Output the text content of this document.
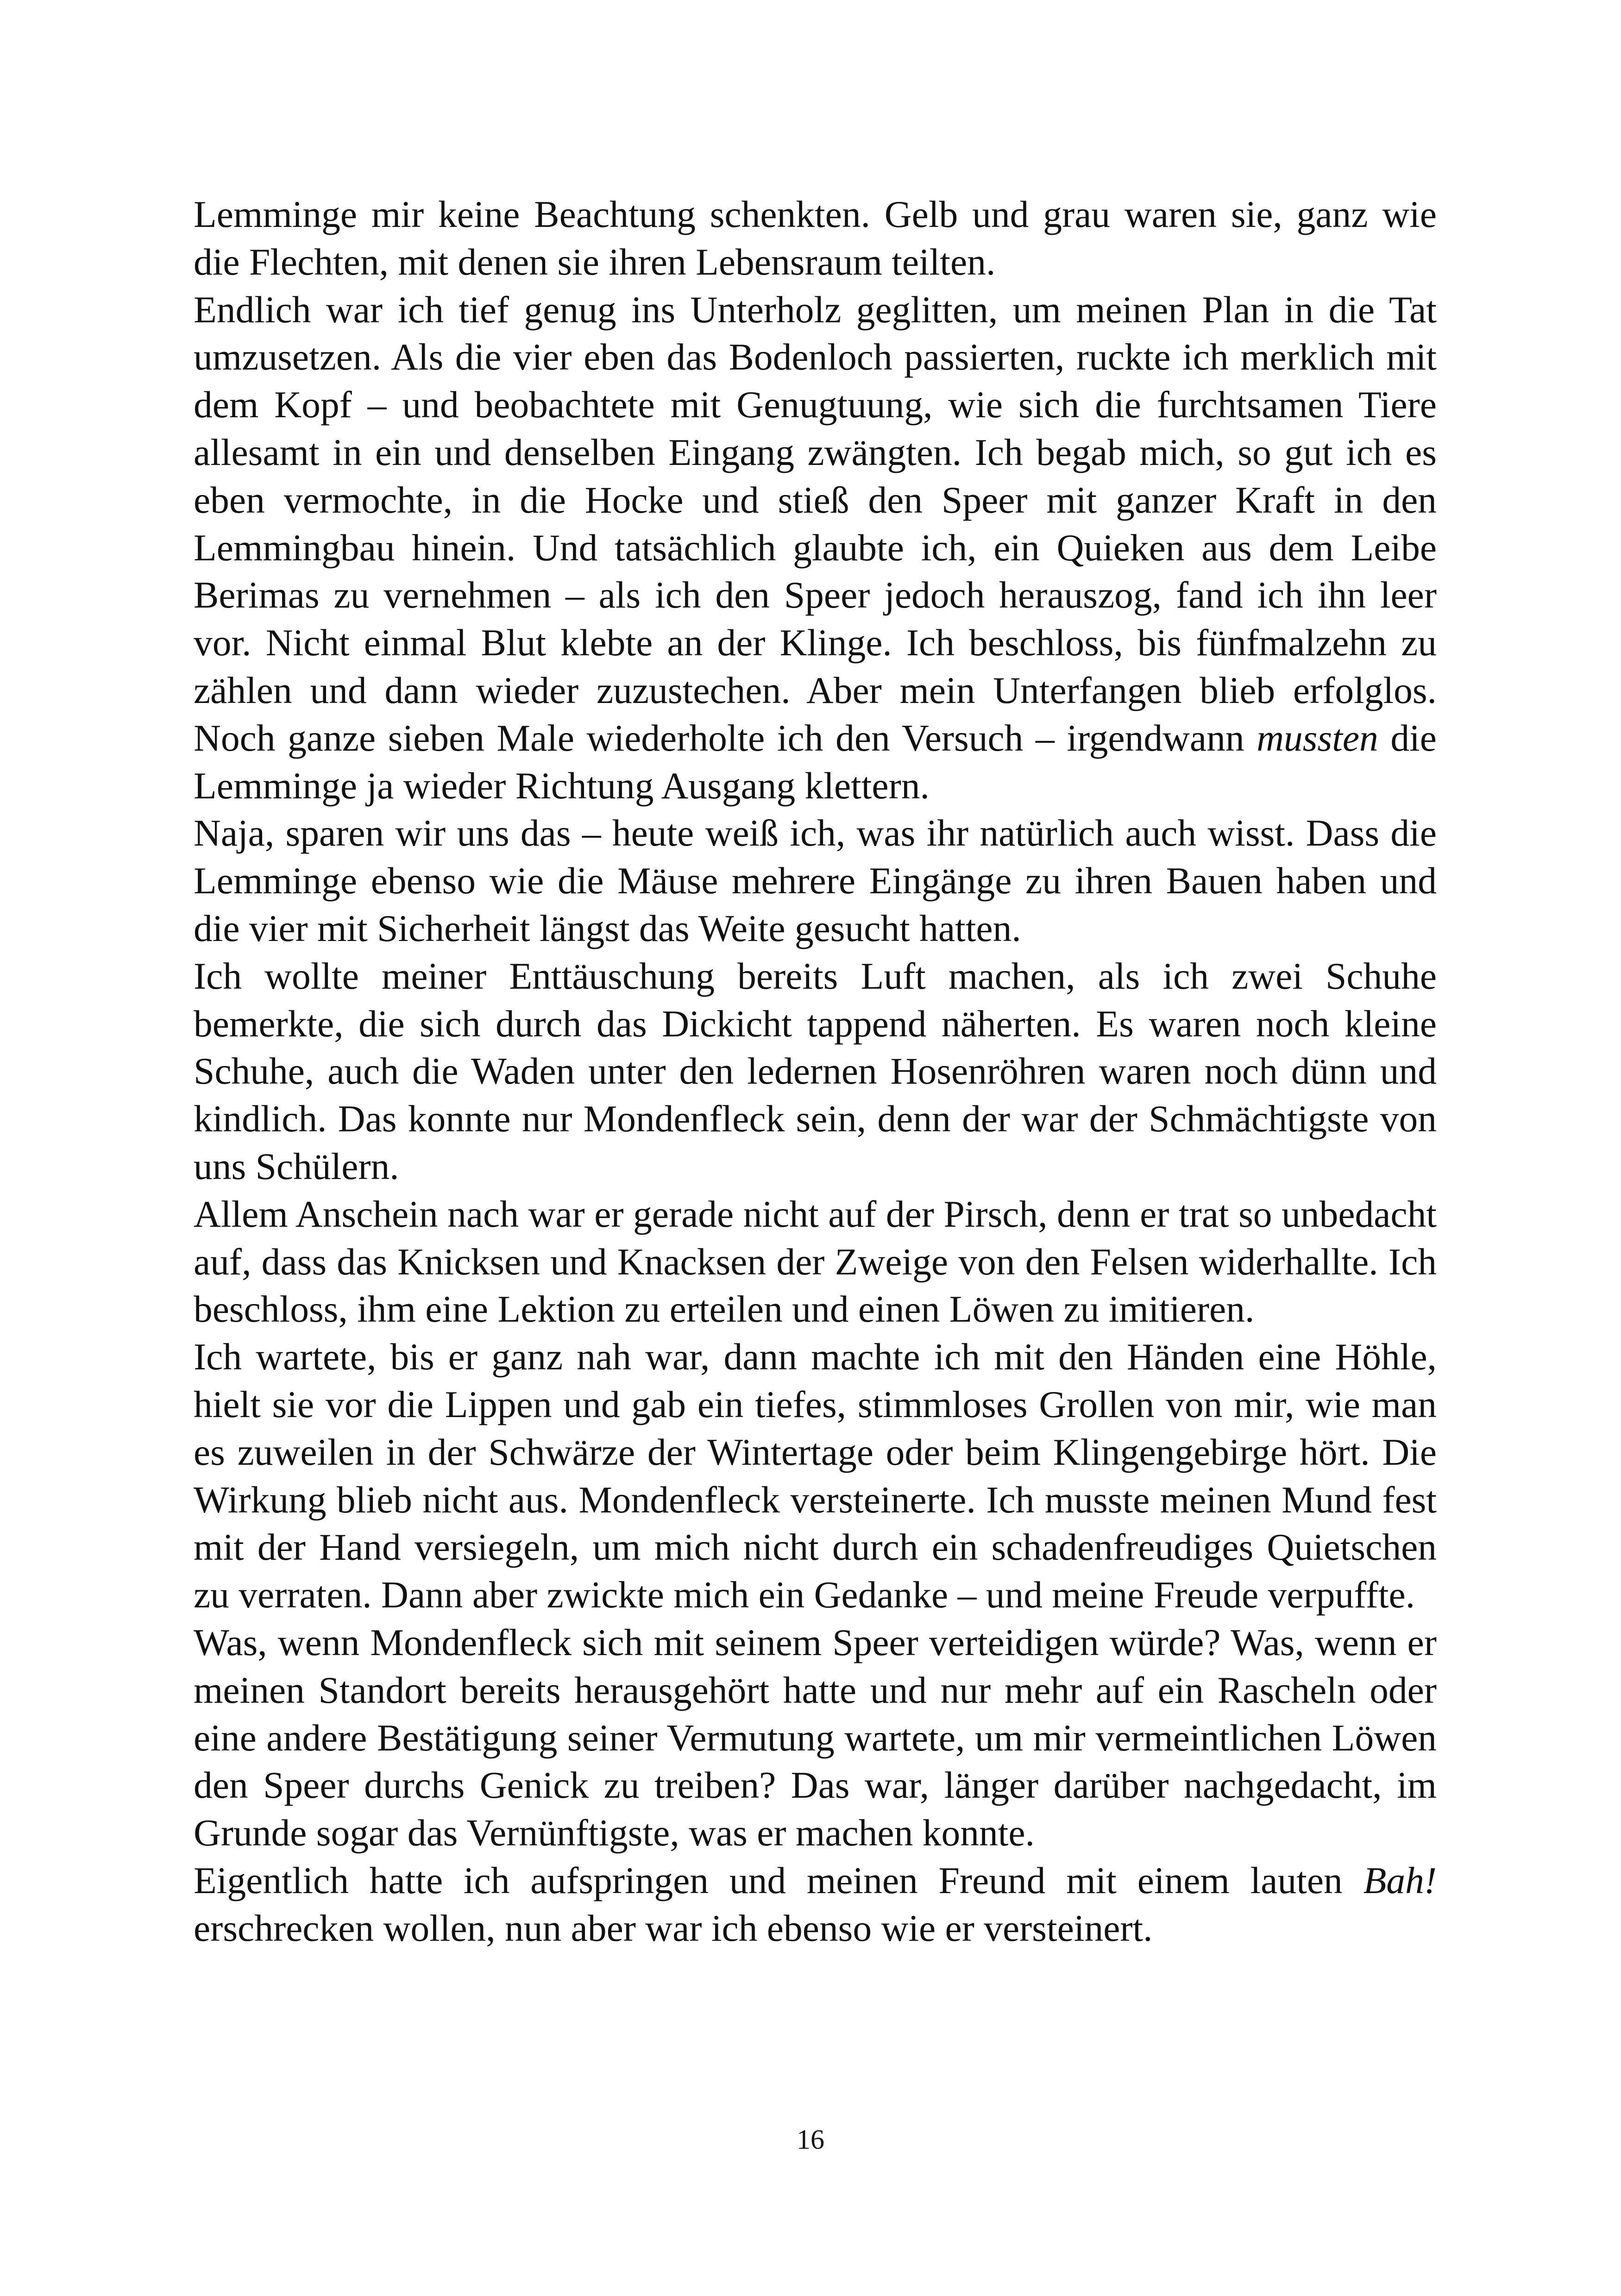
Lemminge mir keine Beachtung schenkten. Gelb und grau waren sie, ganz wie die Flechten, mit denen sie ihren Lebensraum teilten.

Endlich war ich tief genug ins Unterholz geglitten, um meinen Plan in die Tat umzusetzen. Als die vier eben das Bodenloch passierten, ruckte ich merklich mit dem Kopf – und beobachtete mit Genugtuung, wie sich die furchtsamen Tiere allesamt in ein und denselben Eingang zwängten. Ich begab mich, so gut ich es eben vermochte, in die Hocke und stieß den Speer mit ganzer Kraft in den Lemmingbau hinein. Und tatsächlich glaubte ich, ein Quieken aus dem Leibe Berimas zu vernehmen – als ich den Speer jedoch herauszog, fand ich ihn leer vor. Nicht einmal Blut klebte an der Klinge. Ich beschloss, bis fünfmalzehn zu zählen und dann wieder zuzustechen. Aber mein Unterfangen blieb erfolglos. Noch ganze sieben Male wiederholte ich den Versuch – irgendwann mussten die Lemminge ja wieder Richtung Ausgang klettern.

Naja, sparen wir uns das – heute weiß ich, was ihr natürlich auch wisst. Dass die Lemminge ebenso wie die Mäuse mehrere Eingänge zu ihren Bauen haben und die vier mit Sicherheit längst das Weite gesucht hatten.

Ich wollte meiner Enttäuschung bereits Luft machen, als ich zwei Schuhe bemerkte, die sich durch das Dickicht tappend näherten. Es waren noch kleine Schuhe, auch die Waden unter den ledernen Hosenröhren waren noch dünn und kindlich. Das konnte nur Mondenfleck sein, denn der war der Schmächtigste von uns Schülern.

Allem Anschein nach war er gerade nicht auf der Pirsch, denn er trat so unbedacht auf, dass das Knicksen und Knacksen der Zweige von den Felsen widerhallte. Ich beschloss, ihm eine Lektion zu erteilen und einen Löwen zu imitieren.

Ich wartete, bis er ganz nah war, dann machte ich mit den Händen eine Höhle, hielt sie vor die Lippen und gab ein tiefes, stimmloses Grollen von mir, wie man es zuweilen in der Schwärze der Wintertage oder beim Klingengebirge hört. Die Wirkung blieb nicht aus. Mondenfleck versteinerte. Ich musste meinen Mund fest mit der Hand versiegeln, um mich nicht durch ein schadenfreudiges Quietschen zu verraten. Dann aber zwickte mich ein Gedanke – und meine Freude verpuffte.

Was, wenn Mondenfleck sich mit seinem Speer verteidigen würde? Was, wenn er meinen Standort bereits herausgehört hatte und nur mehr auf ein Rascheln oder eine andere Bestätigung seiner Vermutung wartete, um mir vermeintlichen Löwen den Speer durchs Genick zu treiben? Das war, länger darüber nachgedacht, im Grunde sogar das Vernünftigste, was er machen konnte.

Eigentlich hatte ich aufspringen und meinen Freund mit einem lauten Bah! erschrecken wollen, nun aber war ich ebenso wie er versteinert.

16
